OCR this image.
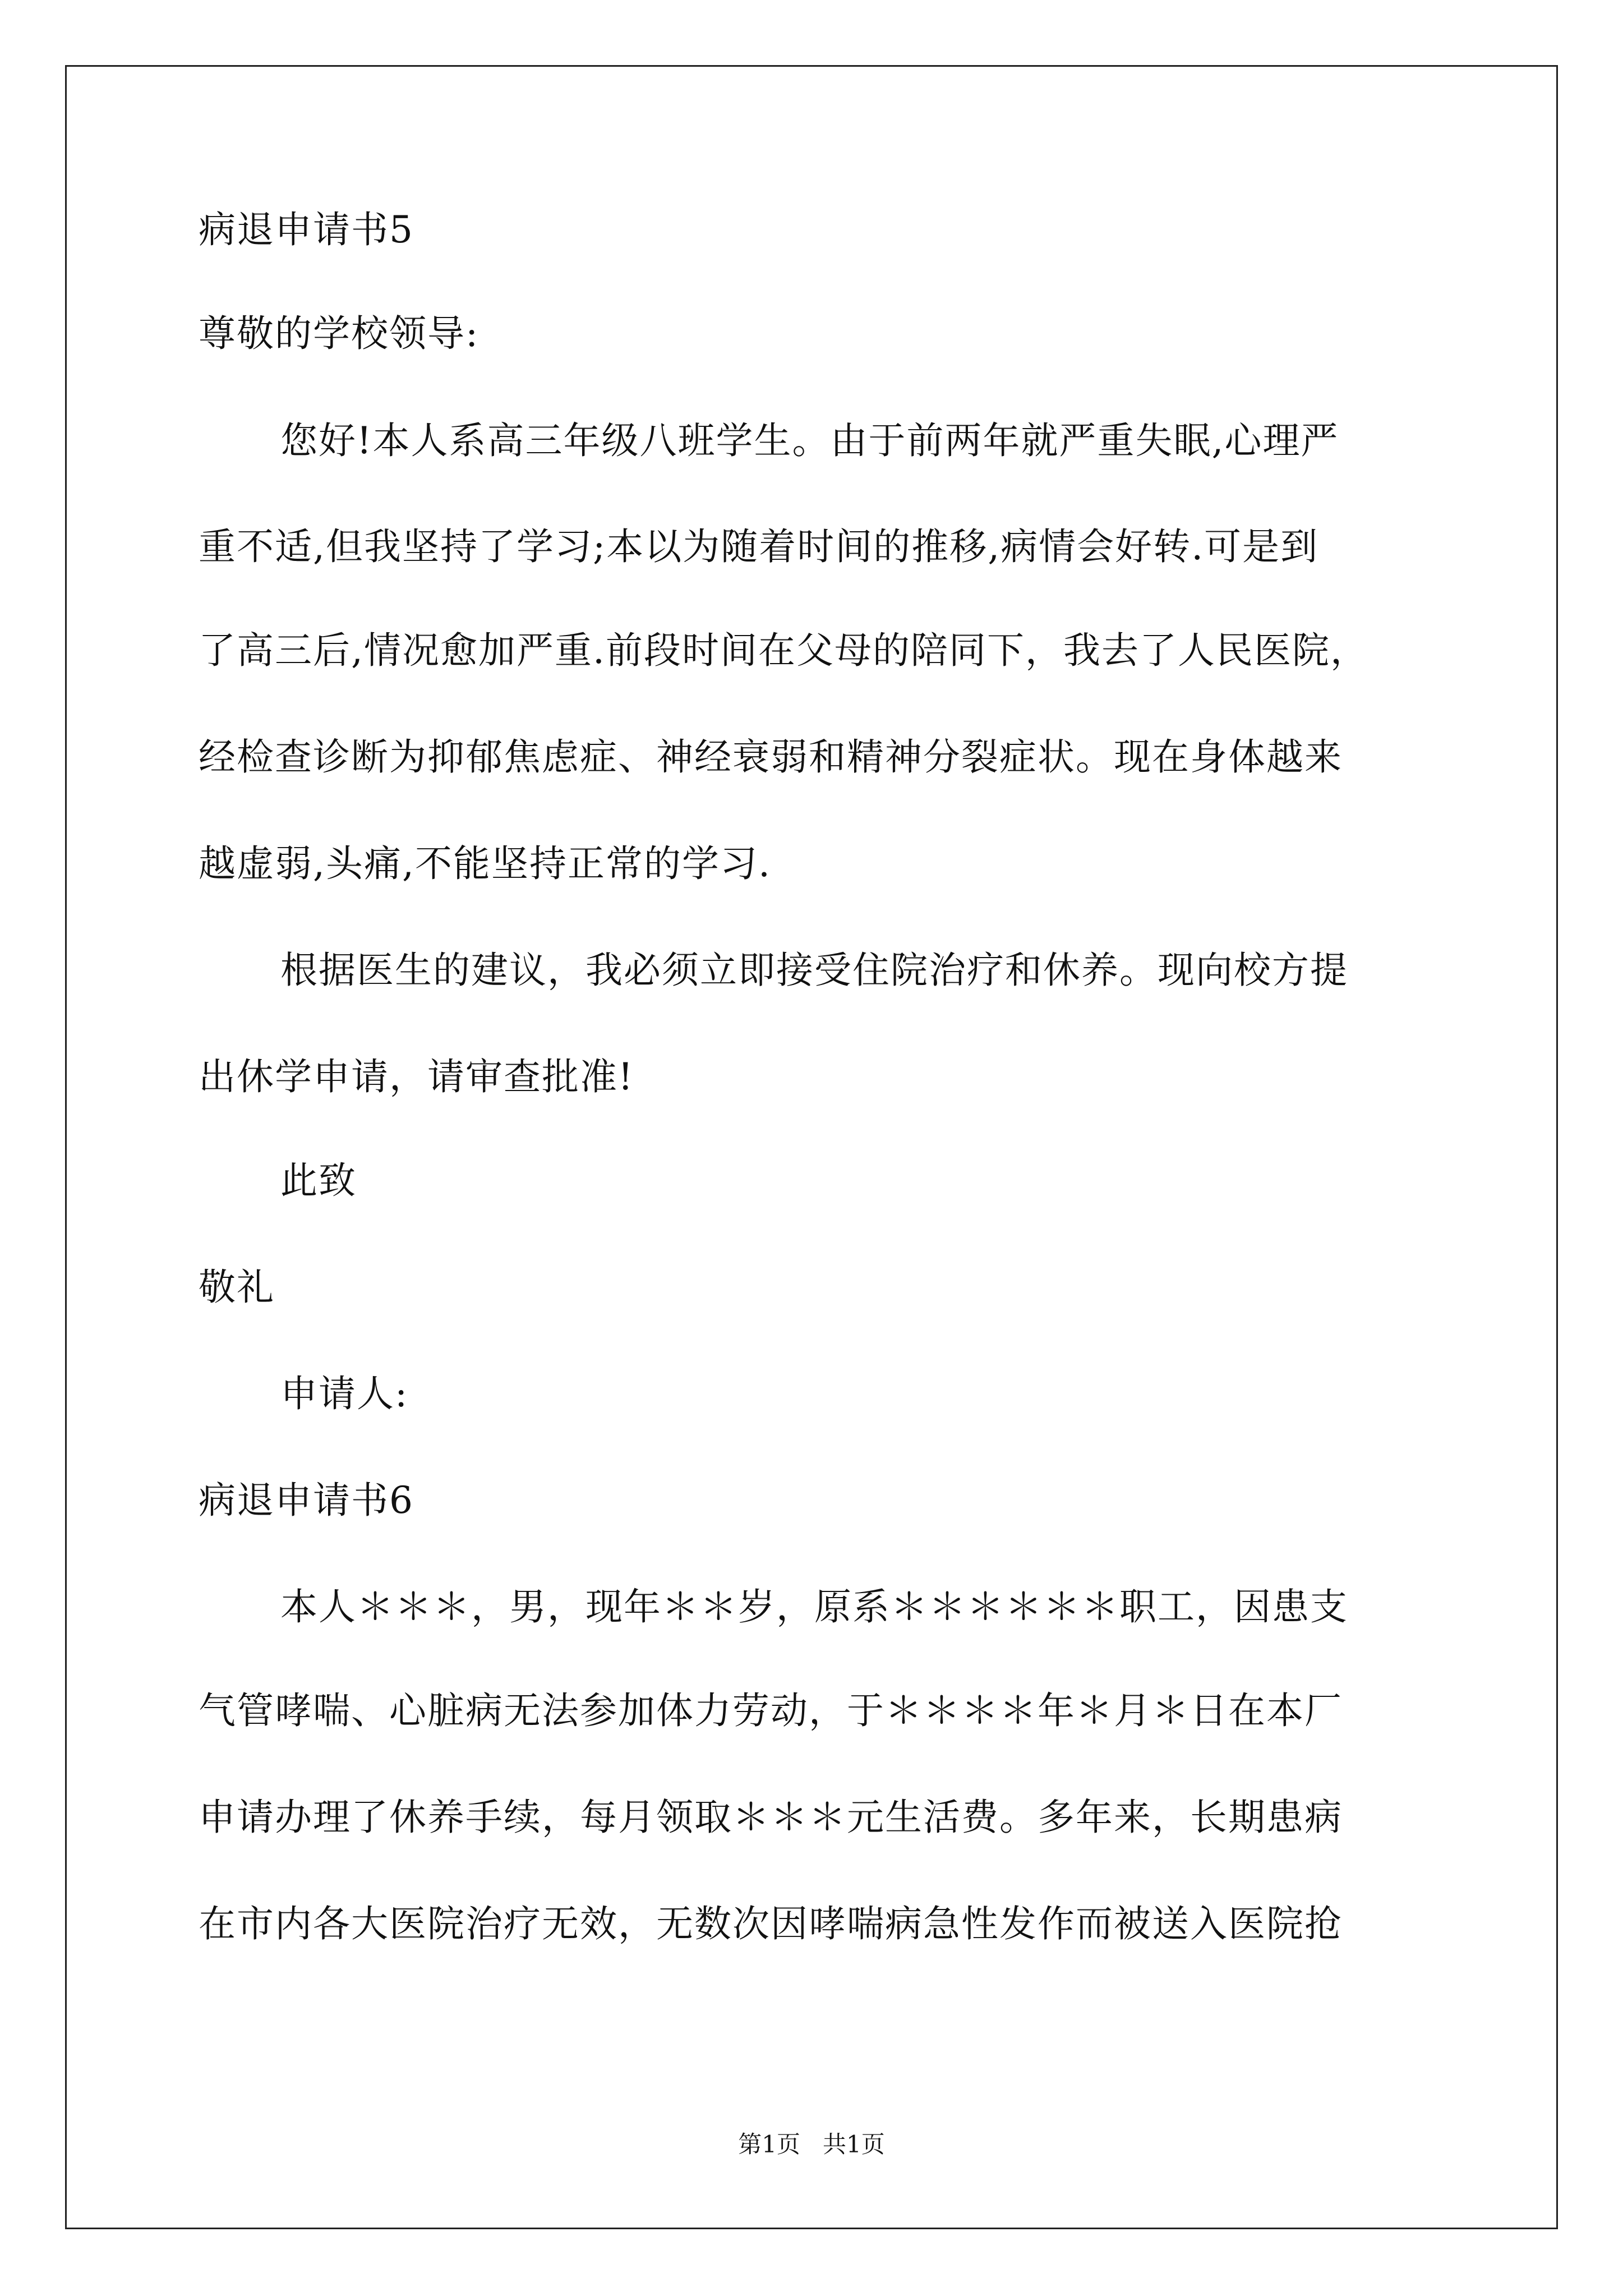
病退申请书5
尊敬的学校领导:
您好!本人系高三年级八班学生。由于前两年就严重失眠,心理严
重不适,但我坚持了学习;本以为随着时间的推移,病情会好转.可是到
了高三后,情况愈加严重.前段时间在父母的陪同下，我去了人民医院，
经检查诊断为抑郁焦虑症、神经衰弱和精神分裂症状。现在身体越来
越虚弱,头痛,不能坚持正常的学习.
根据医生的建议，我必须立即接受住院治疗和休养。现向校方提
出休学申请，请审查批准!
此致
敬礼
申请人:
病退申请书6
本人＊＊＊，男，现年＊＊岁，原系＊＊＊＊＊＊职工，因患支
气管哮喘、心脏病无法参加体力劳动，于＊＊＊＊年＊月＊日在本厂
申请办理了休养手续，每月领取＊＊＊元生活费。多年来，长期患病
在市内各大医院治疗无效，无数次因哮喘病急性发作而被送入医院抢
第1页   共1页
